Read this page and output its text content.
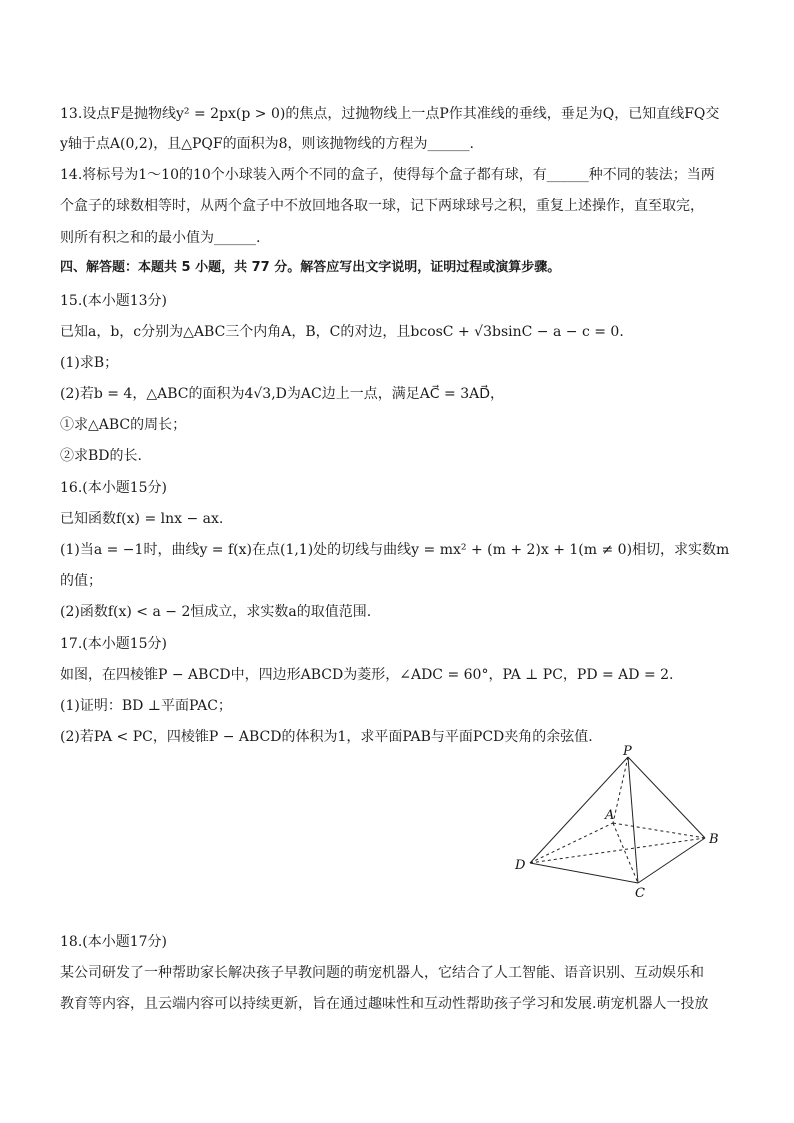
13.设点F是抛物线y² = 2px(p > 0)的焦点，过抛物线上一点P作其准线的垂线，垂足为Q，已知直线FQ交
y轴于点A(0,2)，且△PQF的面积为8，则该抛物线的方程为______.
14.将标号为1～10的10个小球装入两个不同的盒子，使得每个盒子都有球，有______种不同的装法；当两
个盒子的球数相等时，从两个盒子中不放回地各取一球，记下两球球号之积，重复上述操作，直至取完，
则所有积之和的最小值为______.
四、解答题：本题共 5 小题，共 77 分。解答应写出文字说明，证明过程或演算步骤。
15.(本小题13分)
已知a，b，c分别为△ABC三个内角A，B，C的对边，且bcosC + √3bsinC − a − c = 0.
(1)求B；
(2)若b = 4，△ABC的面积为4√3,D为AC边上一点，满足AC⃗ = 3AD⃗，
①求△ABC的周长；
②求BD的长.
16.(本小题15分)
已知函数f(x) = lnx − ax.
(1)当a = −1时，曲线y = f(x)在点(1,1)处的切线与曲线y = mx² + (m + 2)x + 1(m ≠ 0)相切，求实数m
的值；
(2)函数f(x) < a − 2恒成立，求实数a的取值范围.
17.(本小题15分)
如图，在四棱锥P − ABCD中，四边形ABCD为菱形，∠ADC = 60°，PA ⊥ PC，PD = AD = 2.
(1)证明：BD ⊥平面PAC；
(2)若PA < PC，四棱锥P − ABCD的体积为1，求平面PAB与平面PCD夹角的余弦值.
P
A
B
C
D
18.(本小题17分)
某公司研发了一种帮助家长解决孩子早教问题的萌宠机器人，它结合了人工智能、语音识别、互动娱乐和
教育等内容，且云端内容可以持续更新，旨在通过趣味性和互动性帮助孩子学习和发展.萌宠机器人一投放
